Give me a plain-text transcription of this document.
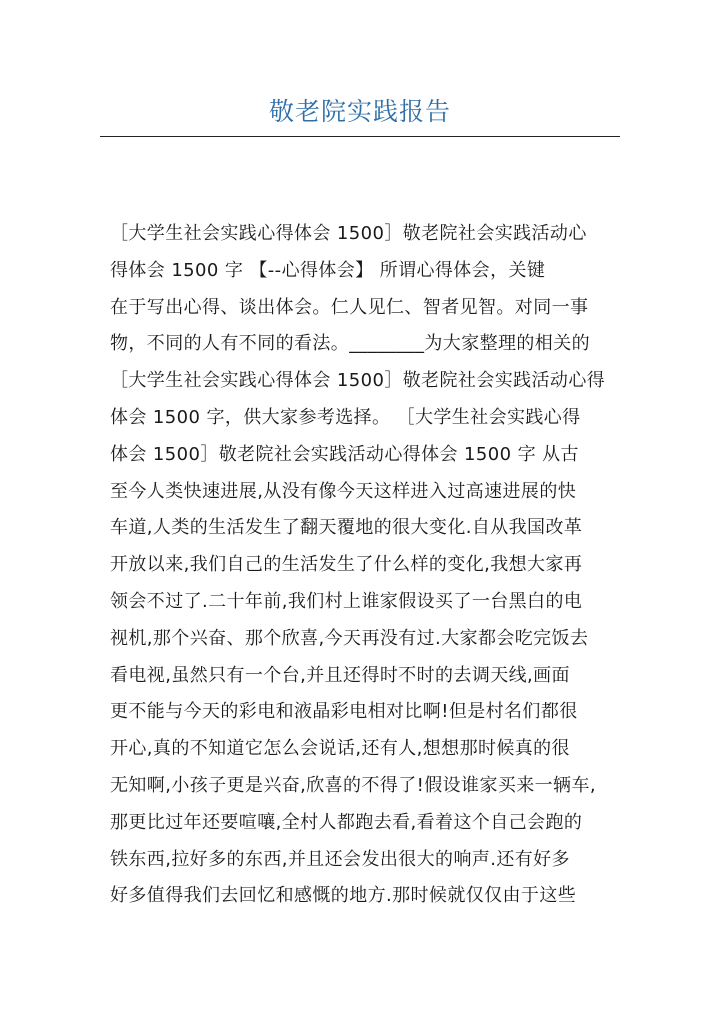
敬老院实践报告
［大学生社会实践心得体会 1500］敬老院社会实践活动心
得体会 1500 字 【--心得体会】 所谓心得体会，关键
在于写出心得、谈出体会。仁人见仁、智者见智。对同一事
物，不同的人有不同的看法。________为大家整理的相关的
［大学生社会实践心得体会 1500］敬老院社会实践活动心得
体会 1500 字，供大家参考选择。 ［大学生社会实践心得
体会 1500］敬老院社会实践活动心得体会 1500 字 从古
至今人类快速进展,从没有像今天这样进入过高速进展的快
车道,人类的生活发生了翻天覆地的很大变化.自从我国改革
开放以来,我们自己的生活发生了什么样的变化,我想大家再
领会不过了.二十年前,我们村上谁家假设买了一台黑白的电
视机,那个兴奋、那个欣喜,今天再没有过.大家都会吃完饭去
看电视,虽然只有一个台,并且还得时不时的去调天线,画面
更不能与今天的彩电和液晶彩电相对比啊!但是村名们都很
开心,真的不知道它怎么会说话,还有人,想想那时候真的很
无知啊,小孩子更是兴奋,欣喜的不得了!假设谁家买来一辆车,
那更比过年还要喧嚷,全村人都跑去看,看着这个自己会跑的
铁东西,拉好多的东西,并且还会发出很大的响声.还有好多
好多值得我们去回忆和感慨的地方.那时候就仅仅由于这些
